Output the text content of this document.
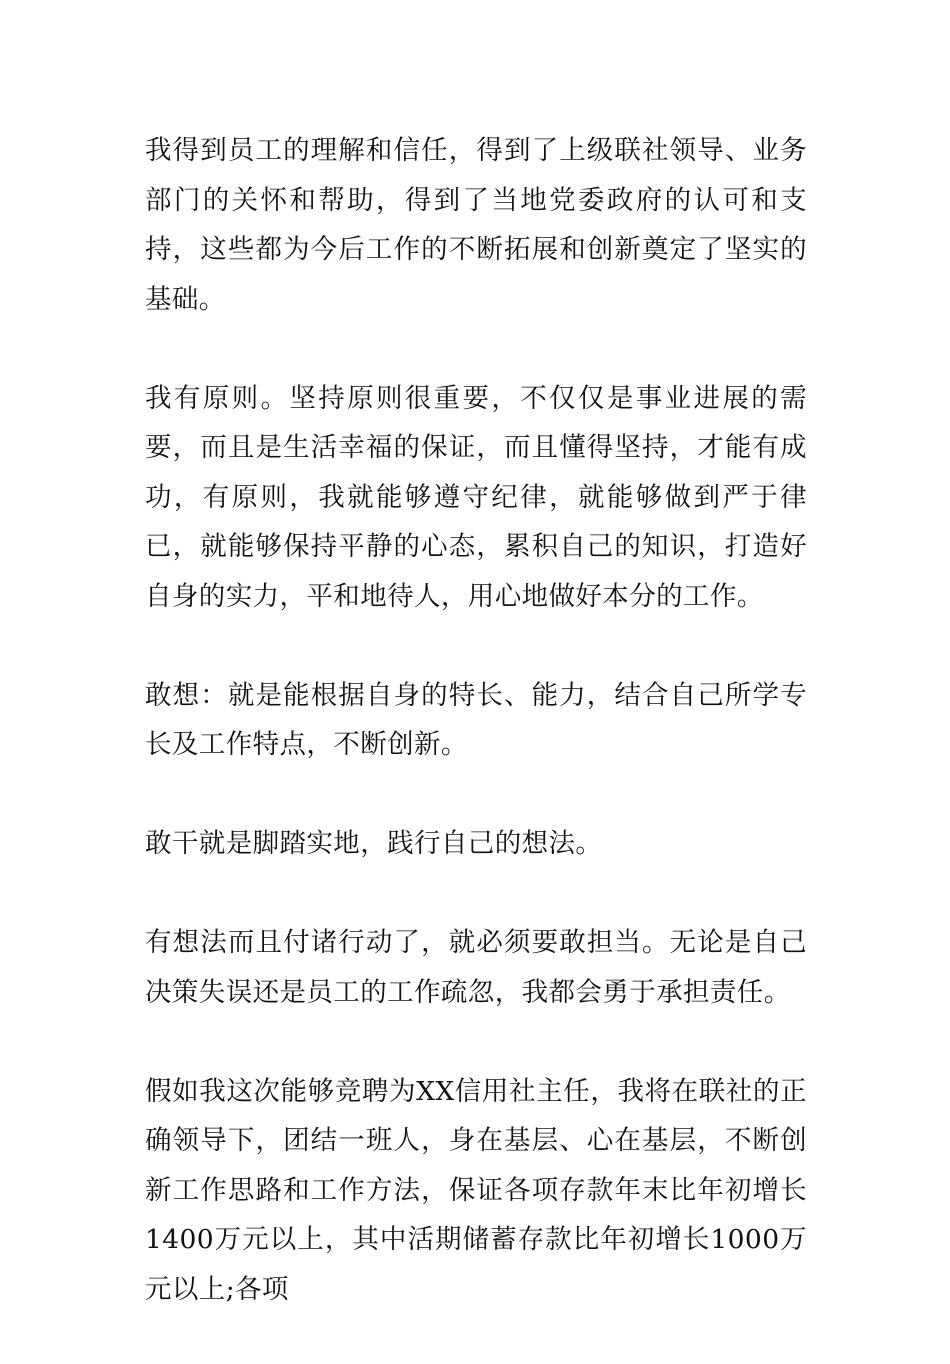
我得到员工的理解和信任，得到了上级联社领导、业务部门的关怀和帮助，得到了当地党委政府的认可和支持，这些都为今后工作的不断拓展和创新奠定了坚实的基础。

我有原则。坚持原则很重要，不仅仅是事业进展的需要，而且是生活幸福的保证，而且懂得坚持，才能有成功，有原则，我就能够遵守纪律，就能够做到严于律已，就能够保持平静的心态，累积自己的知识，打造好自身的实力，平和地待人，用心地做好本分的工作。

敢想：就是能根据自身的特长、能力，结合自己所学专长及工作特点，不断创新。

敢干就是脚踏实地，践行自己的想法。

有想法而且付诸行动了，就必须要敢担当。无论是自己决策失误还是员工的工作疏忽，我都会勇于承担责任。

假如我这次能够竞聘为XX信用社主任，我将在联社的正确领导下，团结一班人，身在基层、心在基层，不断创新工作思路和工作方法，保证各项存款年末比年初增长1400万元以上，其中活期储蓄存款比年初增长1000万元以上;各项
